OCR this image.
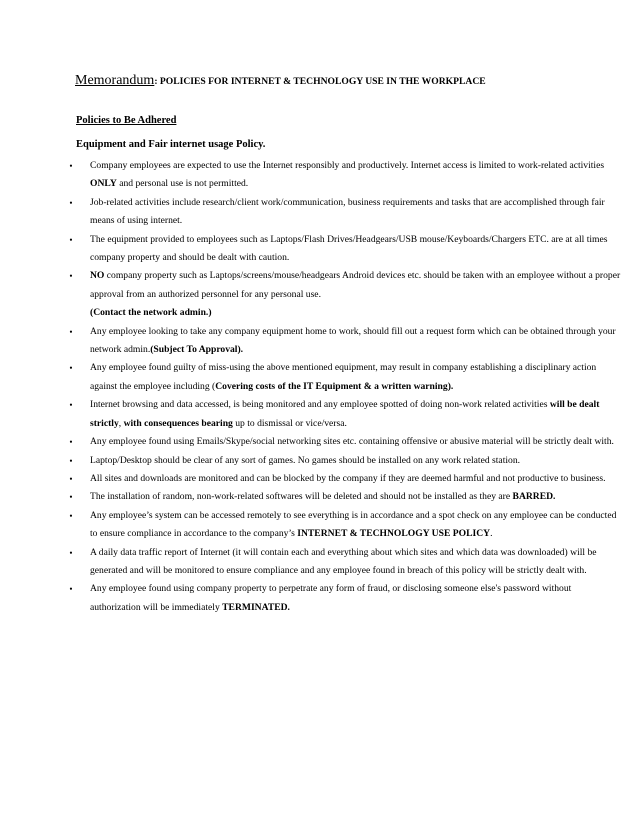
Memorandum: POLICIES FOR INTERNET & TECHNOLOGY USE IN THE WORKPLACE
Policies to Be Adhered
Equipment and Fair internet usage Policy.
•	Company employees are expected to use the Internet responsibly and productively. Internet access is limited to work-related activities ONLY and personal use is not permitted.
•	Job-related activities include research/client work/communication, business requirements and tasks that are accomplished through fair means of using internet.
•	The equipment provided to employees such as Laptops/Flash Drives/Headgears/USB mouse/Keyboards/Chargers ETC. are at all times company property and should be dealt with caution.
•	NO company property such as Laptops/screens/mouse/headgears Android devices etc. should be taken with an employee without a proper approval from an authorized personnel for any personal use.
(Contact the network admin.)
•	Any employee looking to take any company equipment home to work, should fill out a request form which can be obtained through your network admin.(Subject To Approval).
•	Any employee found guilty of miss-using the above mentioned equipment, may result in company establishing a disciplinary action against the employee including (Covering costs of the IT Equipment & a written warning).
•	Internet browsing and data accessed, is being monitored and any employee spotted of doing non-work related activities will be dealt strictly, with consequences bearing up to dismissal or vice/versa.
•	Any employee found using Emails/Skype/social networking sites etc. containing offensive or abusive material will be strictly dealt with.
•	Laptop/Desktop should be clear of any sort of games. No games should be installed on any work related station.
•	All sites and downloads are monitored and can be blocked by the company if they are deemed harmful and not productive to business.
•	The installation of random, non-work-related softwares will be deleted and should not be installed as they are BARRED.
•	Any employee’s system can be accessed remotely to see everything is in accordance and a spot check on any employee can be conducted to ensure compliance in accordance to the company’s INTERNET & TECHNOLOGY USE POLICY.
•	A daily data traffic report of Internet (it will contain each and everything about which sites and which data was downloaded) will be generated and will be monitored to ensure compliance and any employee found in breach of this policy will be strictly dealt with.
•	Any employee found using company property to perpetrate any form of fraud, or disclosing someone else's password without authorization will be immediately TERMINATED.
